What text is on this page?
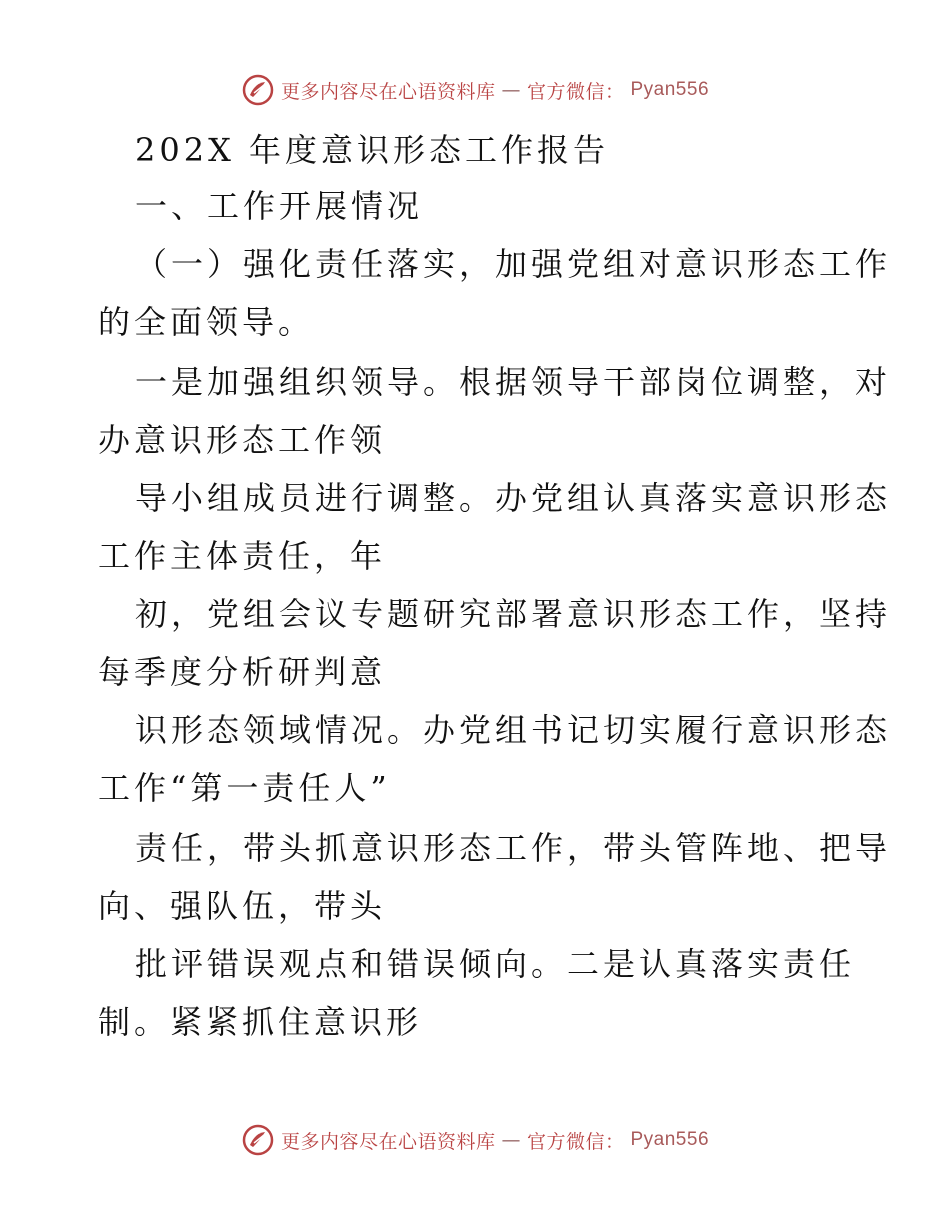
更多内容尽在心语资料库 — 官方微信： Pyan556
202X 年度意识形态工作报告
一、工作开展情况
（一）强化责任落实，加强党组对意识形态工作
的全面领导。
一是加强组织领导。根据领导干部岗位调整，对
办意识形态工作领
导小组成员进行调整。办党组认真落实意识形态
工作主体责任，年
初，党组会议专题研究部署意识形态工作，坚持
每季度分析研判意
识形态领域情况。办党组书记切实履行意识形态
工作“第一责任人”
责任，带头抓意识形态工作，带头管阵地、把导
向、强队伍，带头
批评错误观点和错误倾向。二是认真落实责任
制。紧紧抓住意识形
更多内容尽在心语资料库 — 官方微信： Pyan556
